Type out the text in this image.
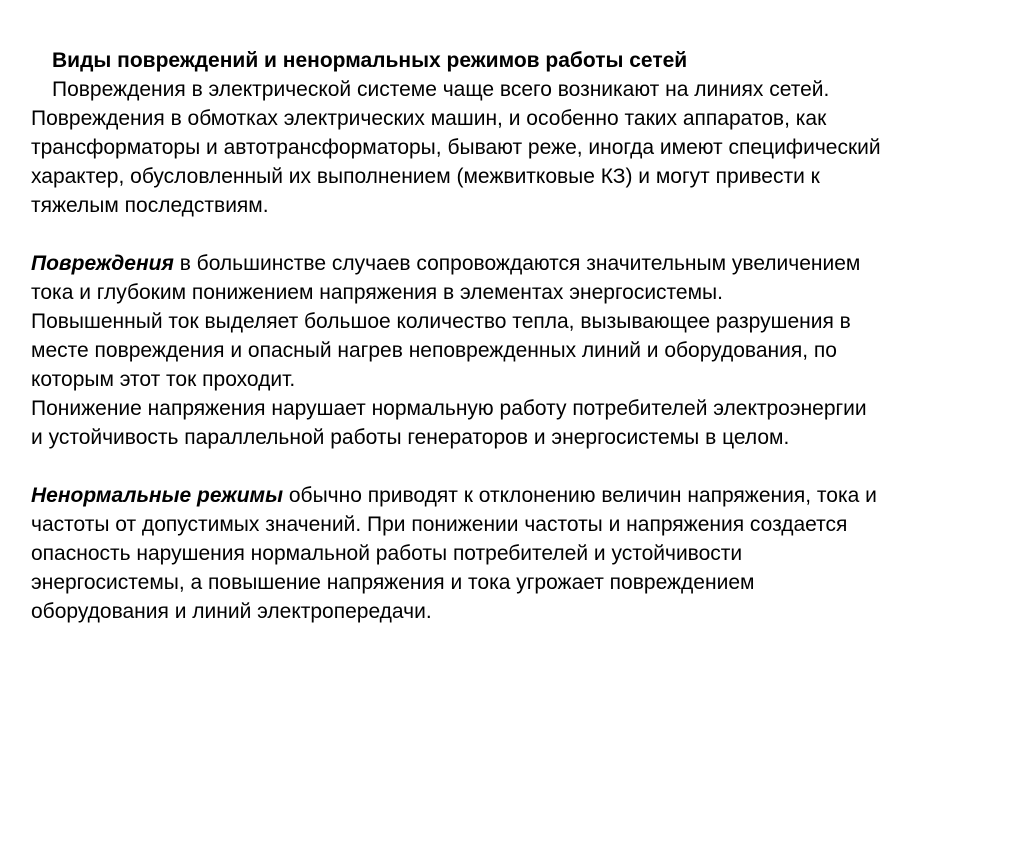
Виды повреждений и ненормальных режимов работы сетей
Повреждения в электрической системе чаще всего возникают на линиях сетей.
Повреждения в обмотках электрических машин, и особенно таких аппаратов, как
трансформаторы и автотрансформаторы, бывают реже, иногда имеют специфический
характер, обусловленный их выполнением (межвитковые КЗ) и могут привести к
тяжелым последствиям.
Повреждения в большинстве случаев сопровождаются значительным увеличением
тока и глубоким понижением напряжения в элементах энергосистемы.
Повышенный ток выделяет большое количество тепла, вызывающее разрушения в
месте повреждения и опасный нагрев неповрежденных линий и оборудования, по
которым этот ток проходит.
Понижение напряжения нарушает нормальную работу потребителей электроэнергии
и устойчивость параллельной работы генераторов и энергосистемы в целом.
Ненормальные режимы обычно приводят к отклонению величин напряжения, тока и
частоты от допустимых значений. При понижении частоты и напряжения создается
опасность нарушения нормальной работы потребителей и устойчивости
энергосистемы, а повышение напряжения и тока угрожает повреждением
оборудования и линий электропередачи.
